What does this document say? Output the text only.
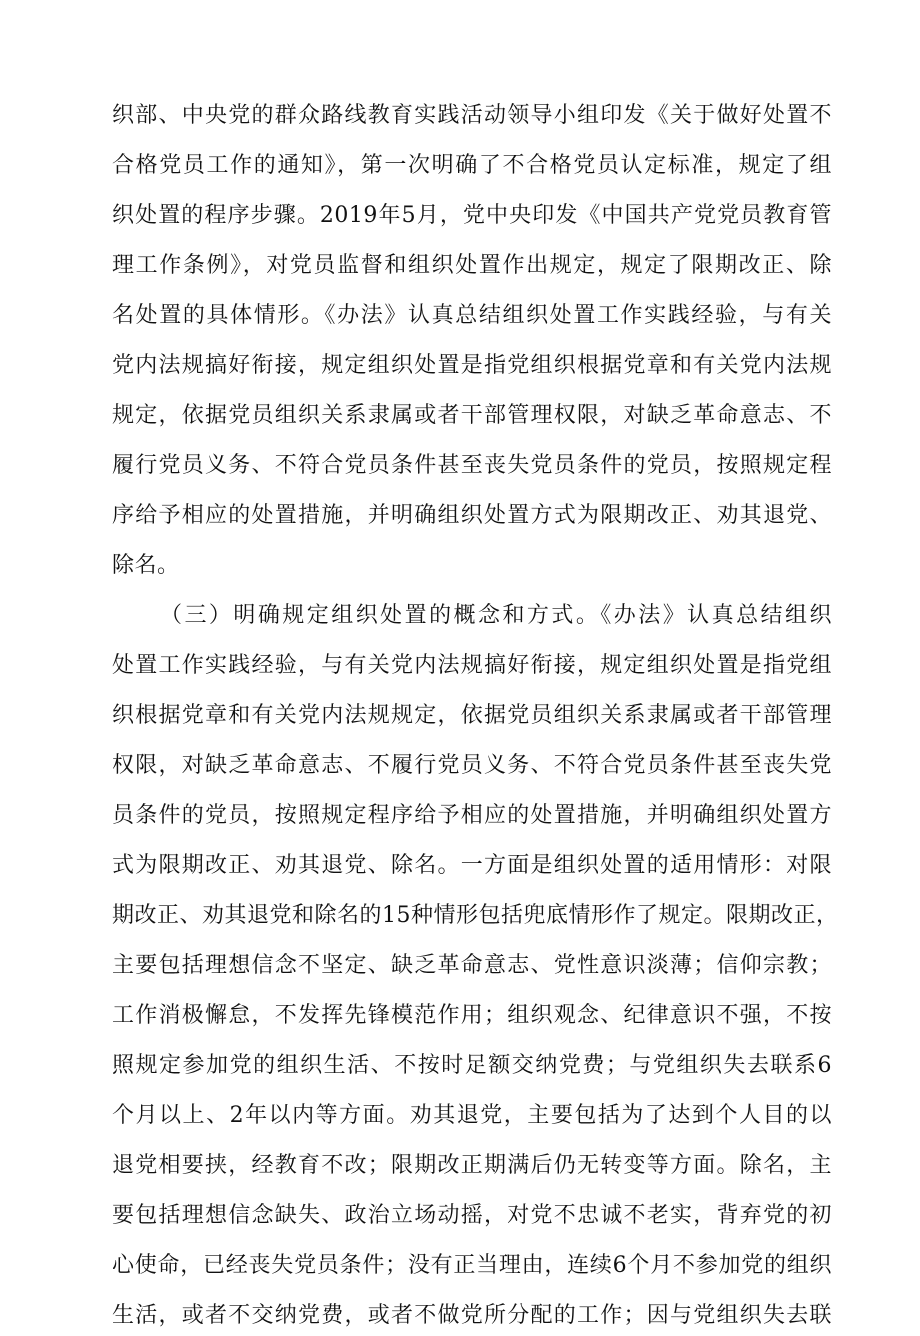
织部、中央党的群众路线教育实践活动领导小组印发《关于做好处置不
合格党员工作的通知》，第一次明确了不合格党员认定标准，规定了组
织处置的程序步骤。2019年5月，党中央印发《中国共产党党员教育管
理工作条例》，对党员监督和组织处置作出规定，规定了限期改正、除
名处置的具体情形。《办法》认真总结组织处置工作实践经验，与有关
党内法规搞好衔接，规定组织处置是指党组织根据党章和有关党内法规
规定，依据党员组织关系隶属或者干部管理权限，对缺乏革命意志、不
履行党员义务、不符合党员条件甚至丧失党员条件的党员，按照规定程
序给予相应的处置措施，并明确组织处置方式为限期改正、劝其退党、
除名。
（三）明确规定组织处置的概念和方式。《办法》认真总结组织
处置工作实践经验，与有关党内法规搞好衔接，规定组织处置是指党组
织根据党章和有关党内法规规定，依据党员组织关系隶属或者干部管理
权限，对缺乏革命意志、不履行党员义务、不符合党员条件甚至丧失党
员条件的党员，按照规定程序给予相应的处置措施，并明确组织处置方
式为限期改正、劝其退党、除名。一方面是组织处置的适用情形：对限
期改正、劝其退党和除名的15种情形包括兜底情形作了规定。限期改正，
主要包括理想信念不坚定、缺乏革命意志、党性意识淡薄；信仰宗教；
工作消极懈怠，不发挥先锋模范作用；组织观念、纪律意识不强，不按
照规定参加党的组织生活、不按时足额交纳党费；与党组织失去联系6
个月以上、2年以内等方面。劝其退党，主要包括为了达到个人目的以
退党相要挟，经教育不改；限期改正期满后仍无转变等方面。除名，主
要包括理想信念缺失、政治立场动摇，对党不忠诚不老实，背弃党的初
心使命，已经丧失党员条件；没有正当理由，连续6个月不参加党的组织
生活，或者不交纳党费，或者不做党所分配的工作；因与党组织失去联
